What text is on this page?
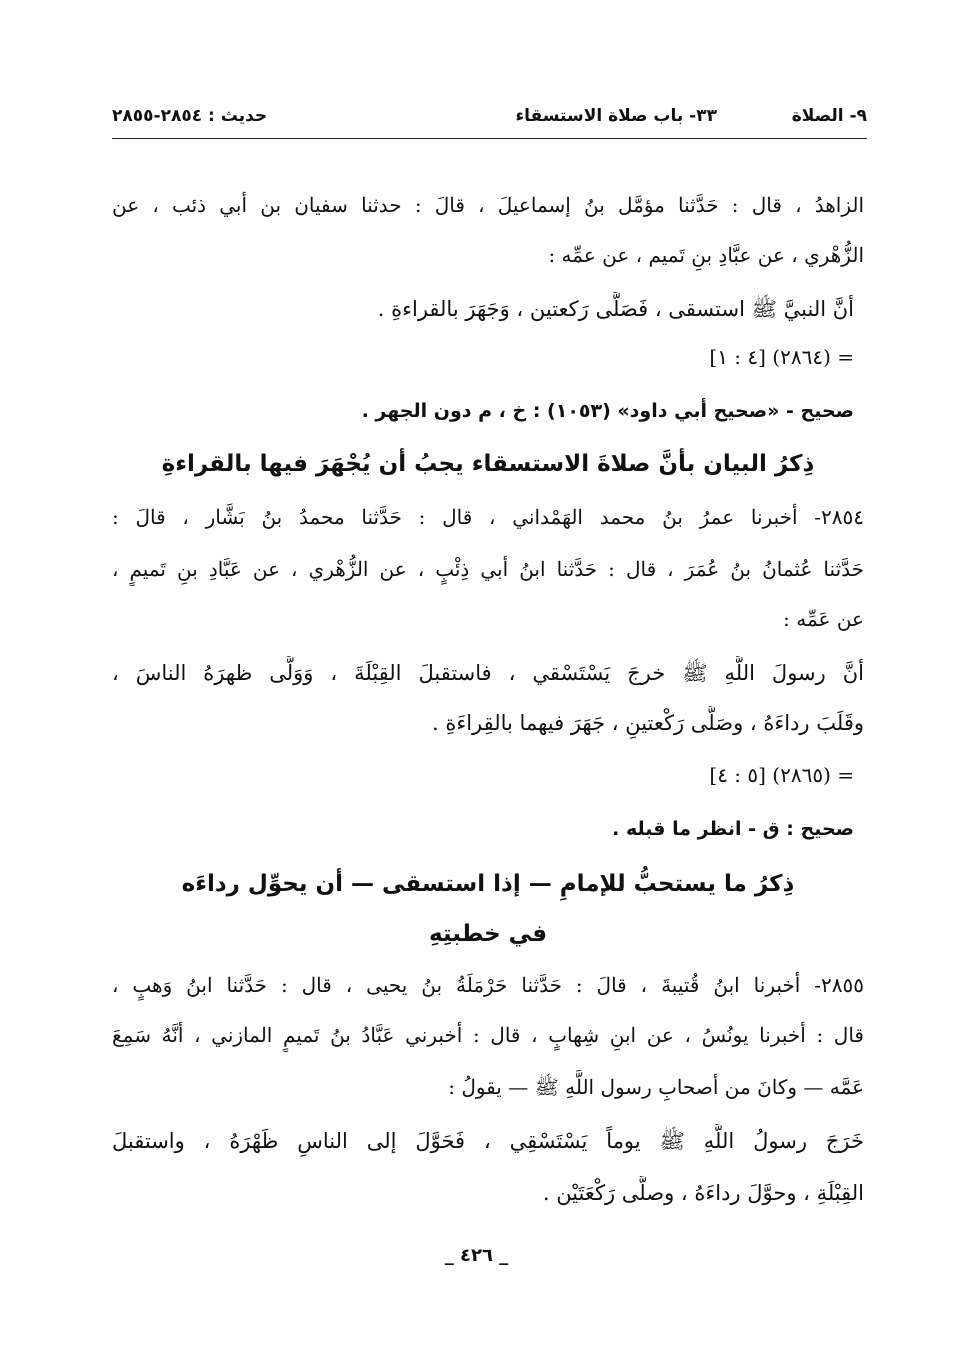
٩- الصلاة
٣٣- باب صلاة الاستسقاء
حديث : ٢٨٥٤-٢٨٥٥
الزاهدُ ، قال : حَدَّثنا مؤمَّل بنُ إسماعيلَ ، قالَ : حدثنا سفيان بن أبي ذئب ، عن
الزُّهْري ، عن عبَّادِ بنِ تَميم ، عن عمِّه :
أنَّ النبيَّ ﷺ استسقى ، فَصَلَّى رَكعتين ، وَجَهَرَ بالقراءةِ .
= (٢٨٦٤) [٤ : ١]
صحيح - «صحيح أبي داود» (١٠٥٣) : خ ، م دون الجهر .
ذِكرُ البيان بأنَّ صلاةَ الاستسقاء يجبُ أن يُجْهَرَ فيها بالقراءةِ
٢٨٥٤- أخبرنا عمرُ بنُ محمد الهَمْداني ، قال : حَدَّثنا محمدُ بنُ بَشَّار ، قالَ :
حَدَّثنا عُثمانُ بنُ عُمَرَ ، قال : حَدَّثنا ابنُ أبي ذِئْبٍ ، عن الزُّهْري ، عن عَبَّادِ بنِ تَميمٍ ،
عن عَمِّه :
أنَّ رسولَ اللَّهِ ﷺ خرجَ يَسْتَسْقي ، فاستقبلَ القِبْلَةَ ، وَوَلَّى ظهرَهُ الناسَ ،
وقَلَبَ رداءَهُ ، وصَلَّى رَكْعتينِ ، جَهَرَ فيهما بالقِراءَةِ .
= (٢٨٦٥) [٥ : ٤]
صحيح : ق - انظر ما قبله .
ذِكرُ ما يستحبُّ للإمامِ — إذا استسقى — أن يحوِّل رداءَه
في خطبتِهِ
٢٨٥٥- أخبرنا ابنُ قُتيبةَ ، قالَ : حَدَّثنا حَرْمَلَةُ بنُ يحيى ، قال : حَدَّثنا ابنُ وَهبٍ ،
قال : أخبرنا يونُسُ ، عن ابنِ شِهابٍ ، قال : أخبرني عَبَّادُ بنُ تَميمٍ المازني ، أنَّهُ سَمِعَ
عَمَّه — وكانَ من أصحابِ رسول اللَّهِ ﷺ — يقولُ :
خَرَجَ رسولُ اللَّهِ ﷺ يوماً يَسْتَسْقِي ، فَحَوَّلَ إلى الناسِ ظَهْرَهُ ، واستقبلَ
القِبْلَةِ ، وحوَّلَ رداءَهُ ، وصلَّى رَكْعَتَيْن .
_ ٤٢٦ _
